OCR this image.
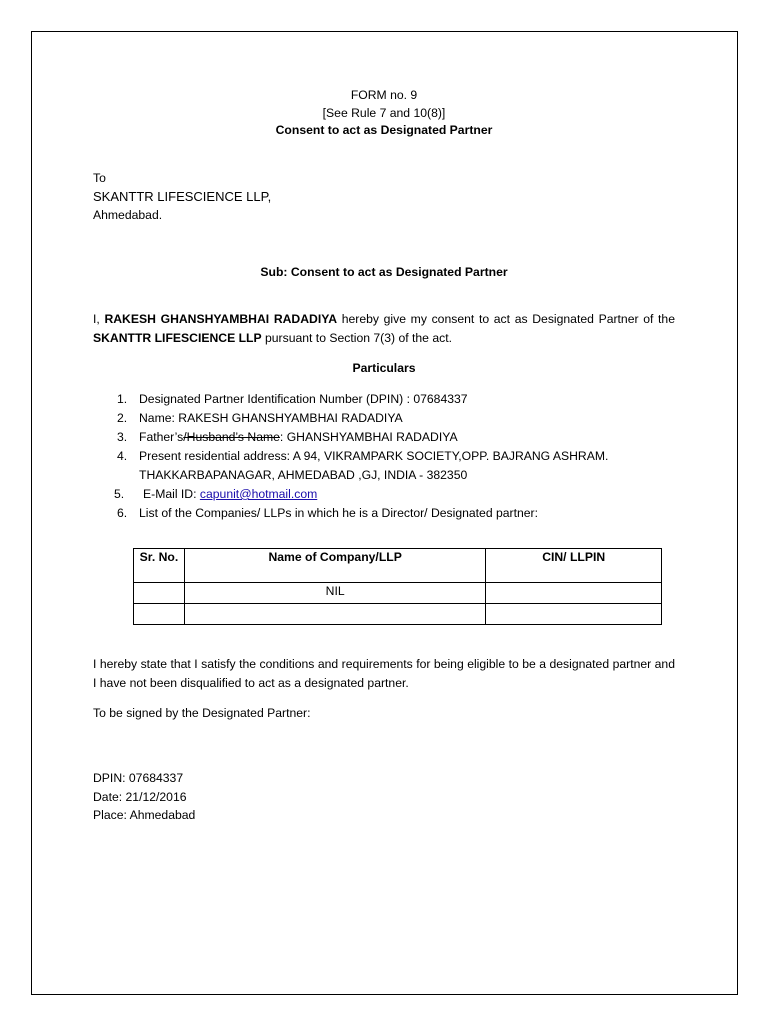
FORM no. 9
[See Rule 7 and 10(8)]
Consent to act as Designated Partner
To
SKANTTR LIFESCIENCE LLP,
Ahmedabad.
Sub: Consent to act as Designated Partner
I, RAKESH GHANSHYAMBHAI RADADIYA hereby give my consent to act as Designated Partner of the SKANTTR LIFESCIENCE LLP pursuant to Section 7(3) of the act.
Particulars
1. Designated Partner Identification Number (DPIN) : 07684337
2. Name: RAKESH GHANSHYAMBHAI RADADIYA
3. Father’s/Husband’s Name: GHANSHYAMBHAI RADADIYA
4. Present residential address: A 94, VIKRAMPARK SOCIETY,OPP. BAJRANG ASHRAM.
THAKKARBAPANAGAR, AHMEDABAD ,GJ, INDIA - 382350
5. E-Mail ID: capunit@hotmail.com
6. List of the Companies/ LLPs in which he is a Director/ Designated partner:
Sr. No.	Name of Company/LLP	CIN/ LLPIN
	NIL	

I hereby state that I satisfy the conditions and requirements for being eligible to be a designated partner and I have not been disqualified to act as a designated partner.
To be signed by the Designated Partner:
DPIN: 07684337
Date: 21/12/2016
Place: Ahmedabad
